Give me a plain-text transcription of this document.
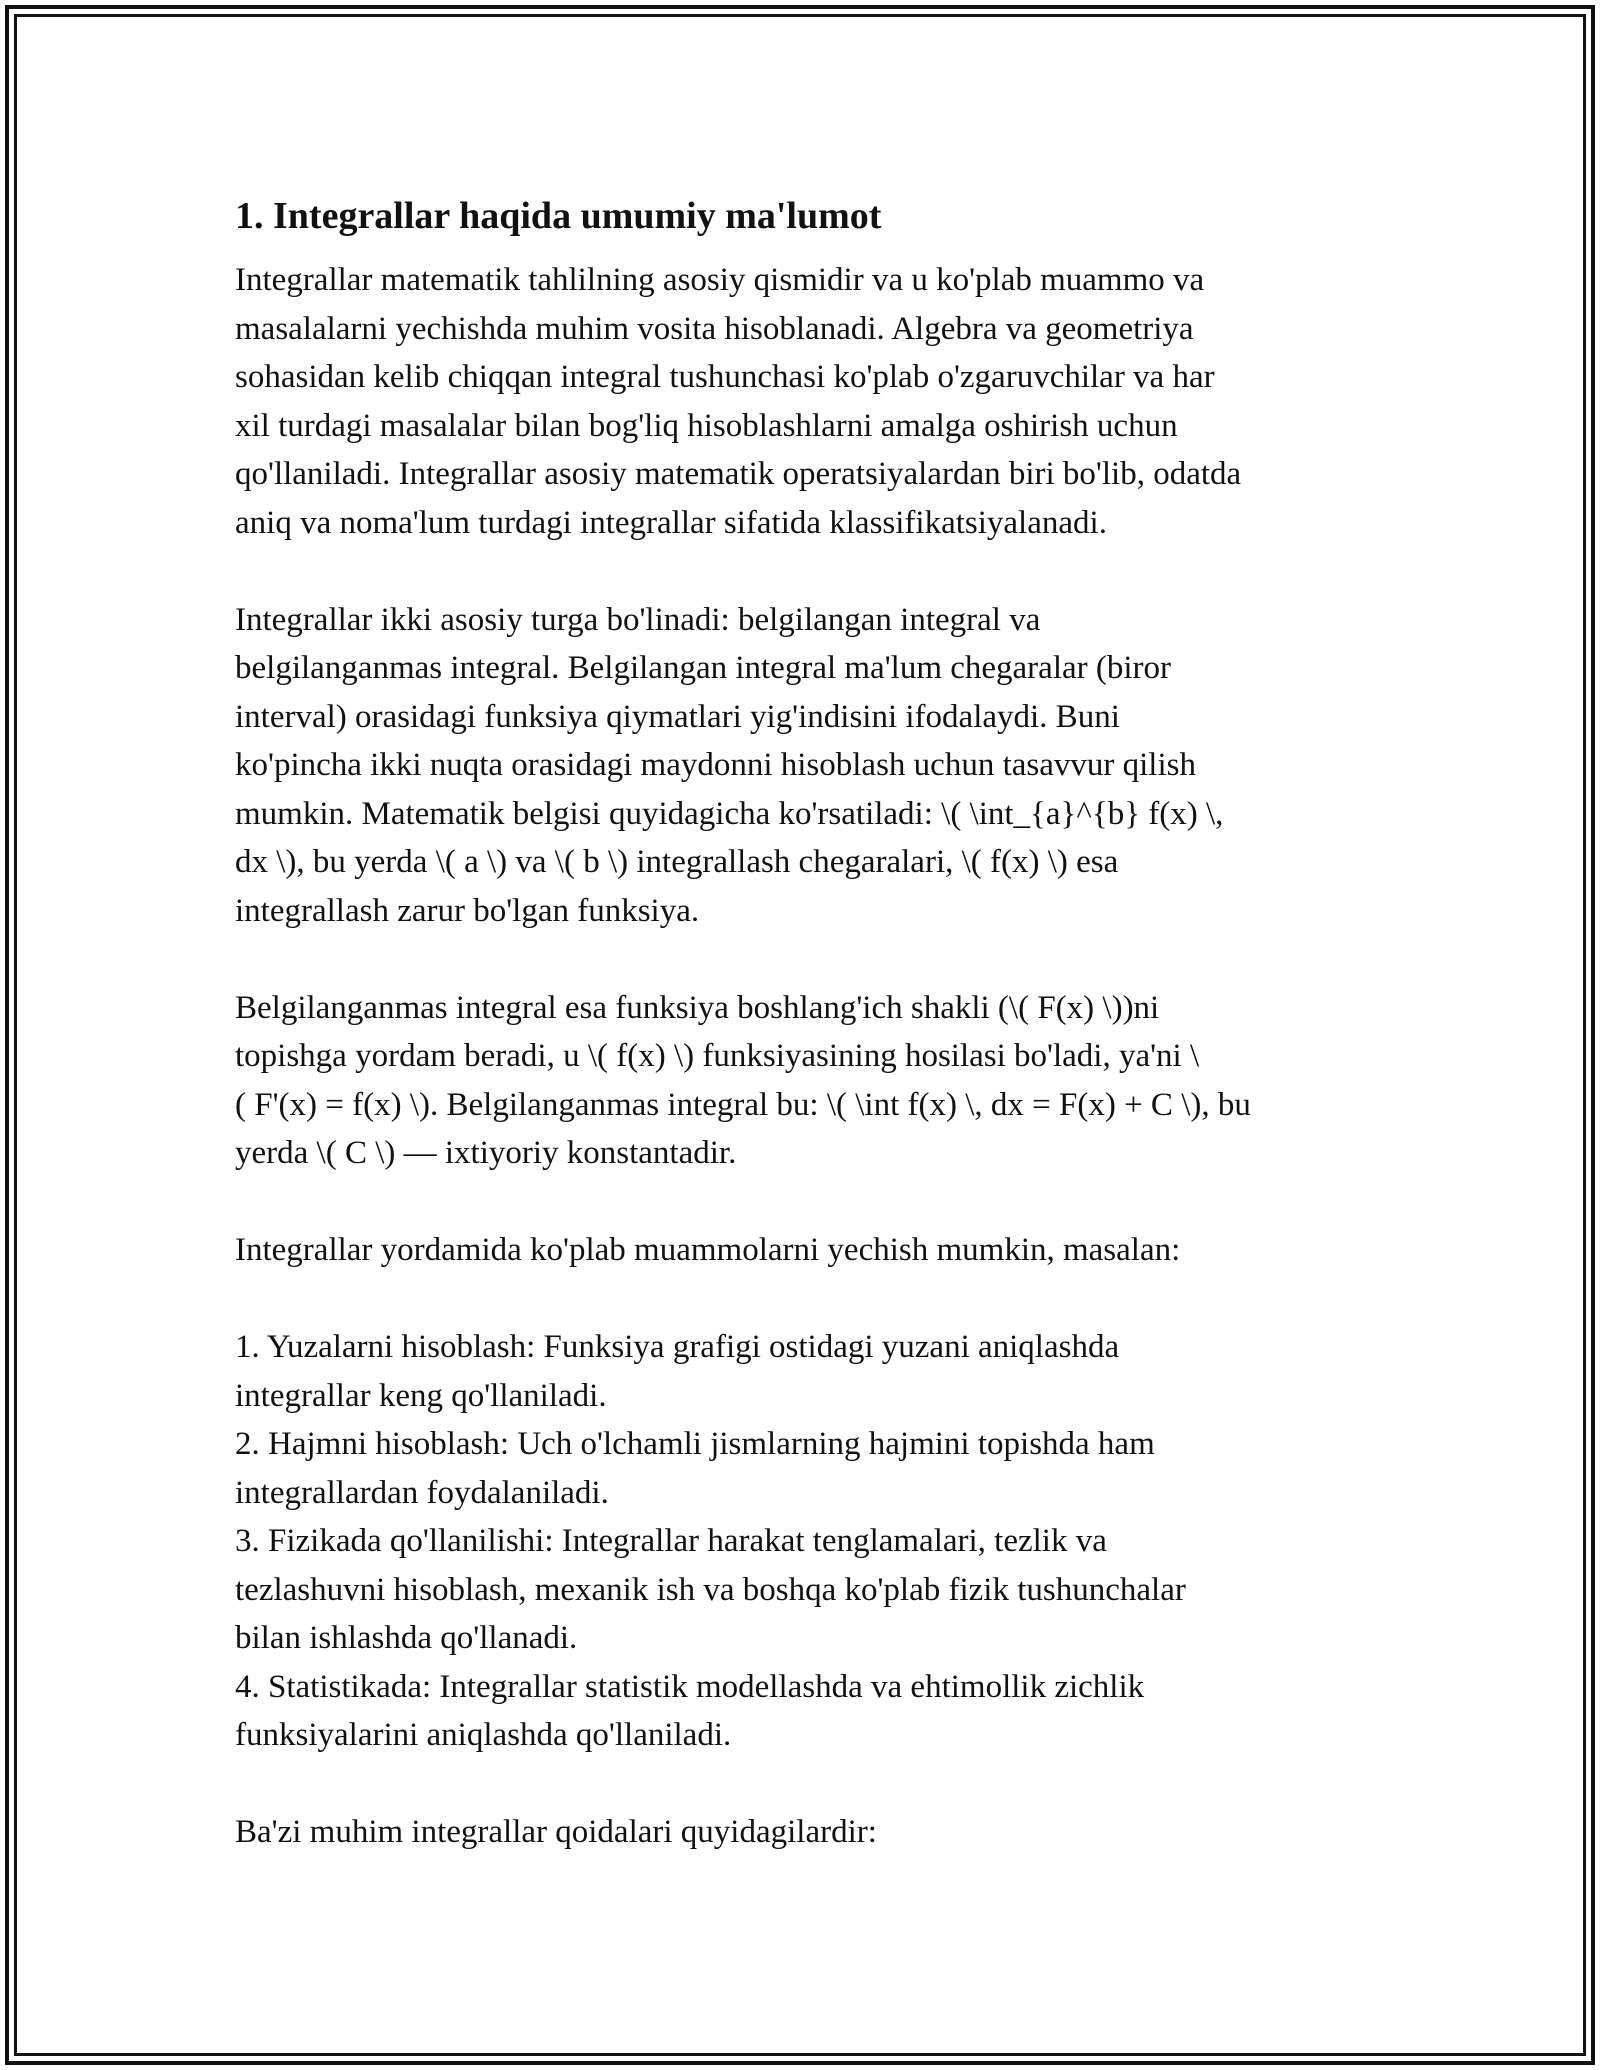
1. Integrallar haqida umumiy ma'lumot

Integrallar matematik tahlilning asosiy qismidir va u ko'plab muammo va
masalalarni yechishda muhim vosita hisoblanadi. Algebra va geometriya
sohasidan kelib chiqqan integral tushunchasi ko'plab o'zgaruvchilar va har
xil turdagi masalalar bilan bog'liq hisoblashlarni amalga oshirish uchun
qo'llaniladi. Integrallar asosiy matematik operatsiyalardan biri bo'lib, odatda
aniq va noma'lum turdagi integrallar sifatida klassifikatsiyalanadi.

Integrallar ikki asosiy turga bo'linadi: belgilangan integral va
belgilanganmas integral. Belgilangan integral ma'lum chegaralar (biror
interval) orasidagi funksiya qiymatlari yig'indisini ifodalaydi. Buni
ko'pincha ikki nuqta orasidagi maydonni hisoblash uchun tasavvur qilish
mumkin. Matematik belgisi quyidagicha ko'rsatiladi: \( \int_{a}^{b} f(x) \,
dx \), bu yerda \( a \) va \( b \) integrallash chegaralari, \( f(x) \) esa
integrallash zarur bo'lgan funksiya.

Belgilanganmas integral esa funksiya boshlang'ich shakli (\( F(x) \))ni
topishga yordam beradi, u \( f(x) \) funksiyasining hosilasi bo'ladi, ya'ni \
( F'(x) = f(x) \). Belgilanganmas integral bu: \( \int f(x) \, dx = F(x) + C \), bu
yerda \( C \) — ixtiyoriy konstantadir.

Integrallar yordamida ko'plab muammolarni yechish mumkin, masalan:

1. Yuzalarni hisoblash: Funksiya grafigi ostidagi yuzani aniqlashda
integrallar keng qo'llaniladi.
2. Hajmni hisoblash: Uch o'lchamli jismlarning hajmini topishda ham
integrallardan foydalaniladi.
3. Fizikada qo'llanilishi: Integrallar harakat tenglamalari, tezlik va
tezlashuvni hisoblash, mexanik ish va boshqa ko'plab fizik tushunchalar
bilan ishlashda qo'llanadi.
4. Statistikada: Integrallar statistik modellashda va ehtimollik zichlik
funksiyalarini aniqlashda qo'llaniladi.

Ba'zi muhim integrallar qoidalari quyidagilardir:
